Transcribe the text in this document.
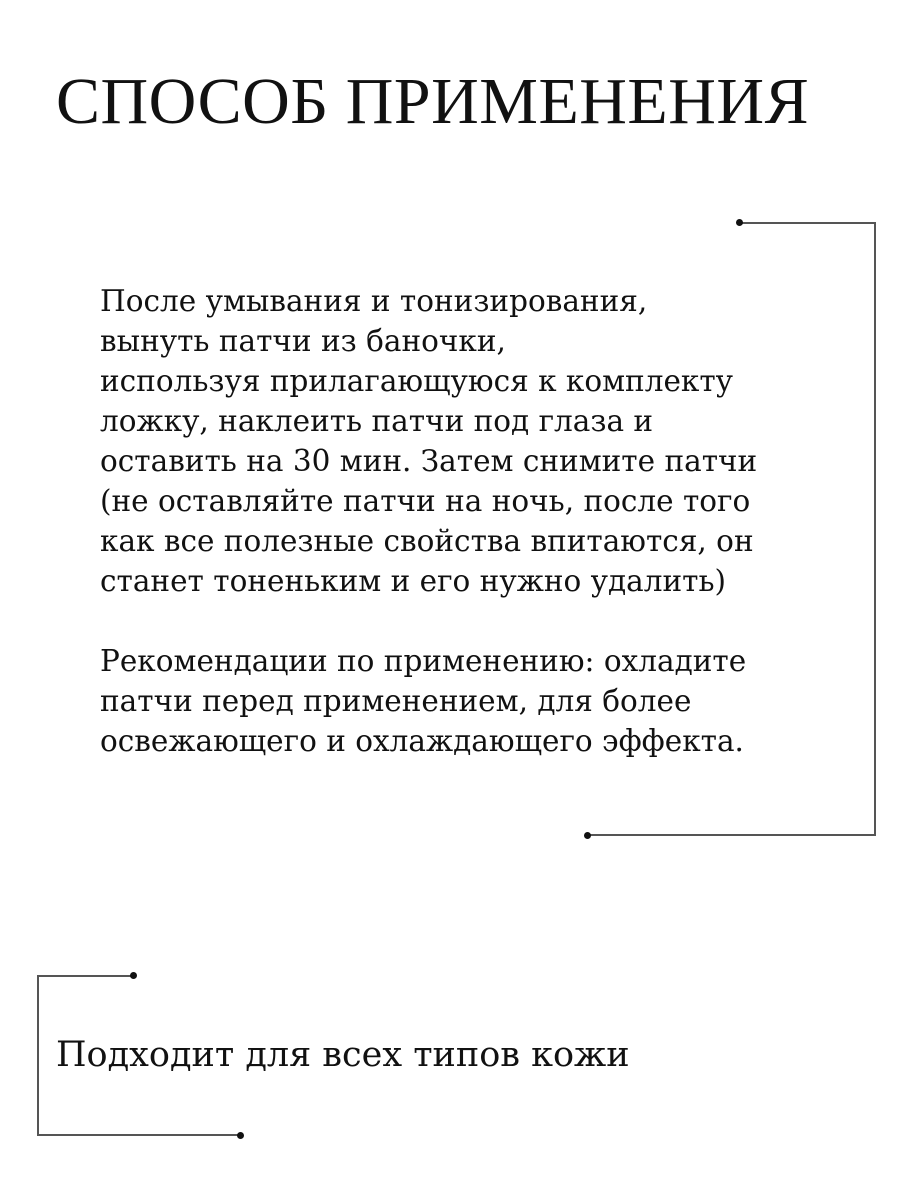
СПОСОБ ПРИМЕНЕНИЯ

После умывания и тонизирования,
вынуть патчи из баночки,
используя прилагающуюся к комплекту
ложку, наклеить патчи под глаза и
оставить на 30 мин. Затем снимите патчи
(не оставляйте патчи на ночь, после того
как все полезные свойства впитаются, он
станет тоненьким и его нужно удалить)

Рекомендации по применению: охладите
патчи перед применением, для более
освежающего и охлаждающего эффекта.

Подходит для всех типов кожи
